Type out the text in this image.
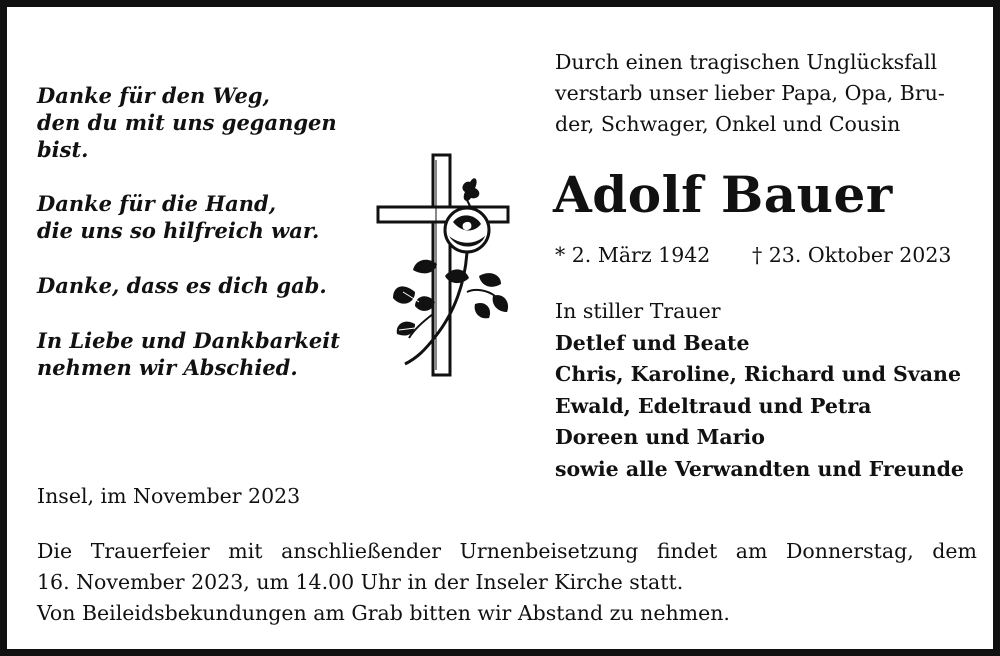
Danke für den Weg,

den du mit uns gegangen bist.

Danke für die Hand,

die uns so hilfreich war.

Danke, dass es dich gab.

In Liebe und Dankbarkeit

nehmen wir Abschied.

Durch einen tragischen Unglücksfall
verstarb unser lieber Papa, Opa, Bru-
der, Schwager, Onkel und Cousin
Adolf Bauer
* 2. März 1942 † 23. Oktober 2023
In stiller Trauer
Detlef und Beate
Chris, Karoline, Richard und Svane
Ewald, Edeltraud und Petra
Doreen und Mario
sowie alle Verwandten und Freunde
Insel, im November 2023
Die Trauerfeier mit anschließender Urnenbeisetzung findet am Donnerstag, dem
16. November 2023, um 14.00 Uhr in der Inseler Kirche statt.
Von Beileidsbekundungen am Grab bitten wir Abstand zu nehmen.
